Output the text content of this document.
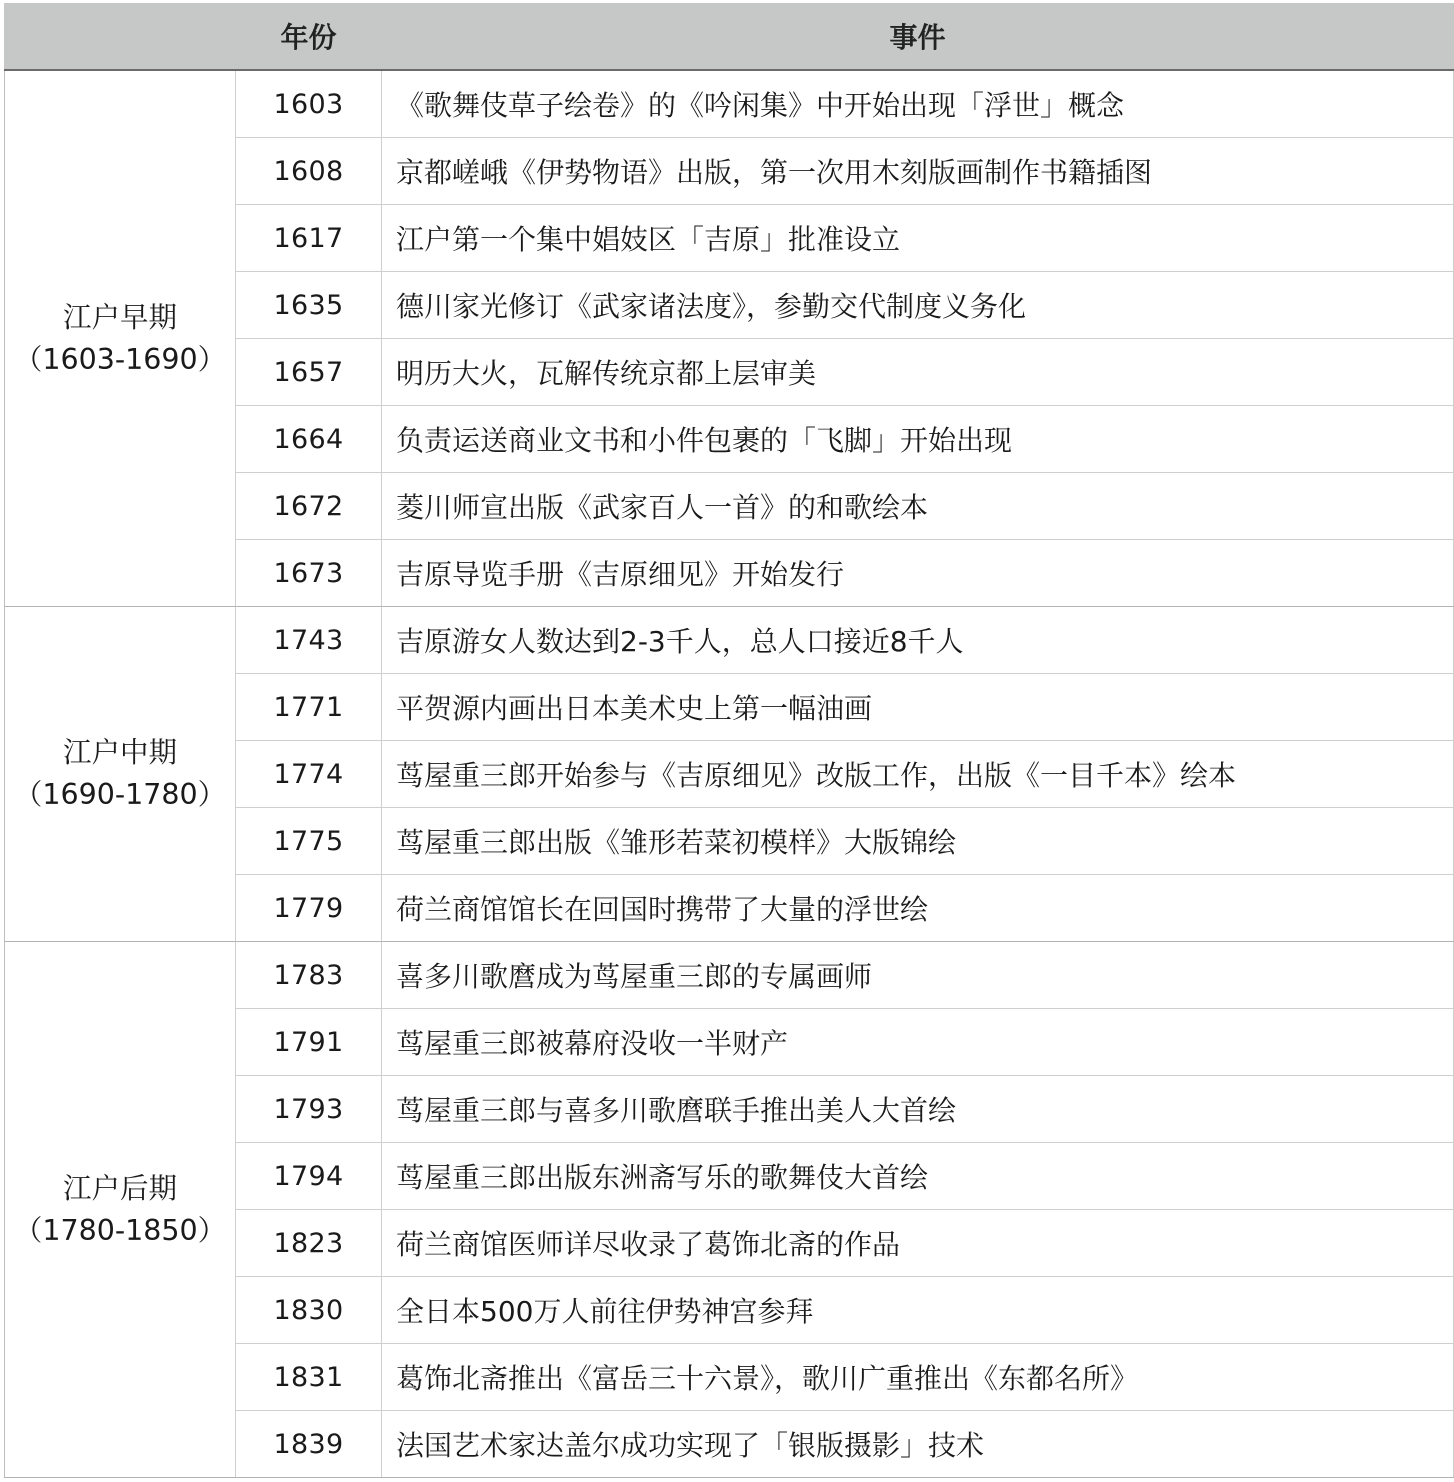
	年份	事件

江户早期
（1603-1690）	1603	《歌舞伎草子绘卷》的《吟闲集》中开始出现「浮世」概念
	1608	京都嵯峨《伊势物语》出版，第一次用木刻版画制作书籍插图
	1617	江户第一个集中娼妓区「吉原」批准设立
	1635	德川家光修订《武家诸法度》，参勤交代制度义务化
	1657	明历大火，瓦解传统京都上层审美
	1664	负责运送商业文书和小件包裹的「飞脚」开始出现
	1672	菱川师宣出版《武家百人一首》的和歌绘本
	1673	吉原导览手册《吉原细见》开始发行

江户中期
（1690-1780）	1743	吉原游女人数达到2-3千人，总人口接近8千人
	1771	平贺源内画出日本美术史上第一幅油画
	1774	茑屋重三郎开始参与《吉原细见》改版工作，出版《一目千本》绘本
	1775	茑屋重三郎出版《雏形若菜初模样》大版锦绘
	1779	荷兰商馆馆长在回国时携带了大量的浮世绘

江户后期
（1780-1850）	1783	喜多川歌麿成为茑屋重三郎的专属画师
	1791	茑屋重三郎被幕府没收一半财产
	1793	茑屋重三郎与喜多川歌麿联手推出美人大首绘
	1794	茑屋重三郎出版东洲斋写乐的歌舞伎大首绘
	1823	荷兰商馆医师详尽收录了葛饰北斋的作品
	1830	全日本500万人前往伊势神宫参拜
	1831	葛饰北斋推出《富岳三十六景》，歌川广重推出《东都名所》
	1839	法国艺术家达盖尔成功实现了「银版摄影」技术
